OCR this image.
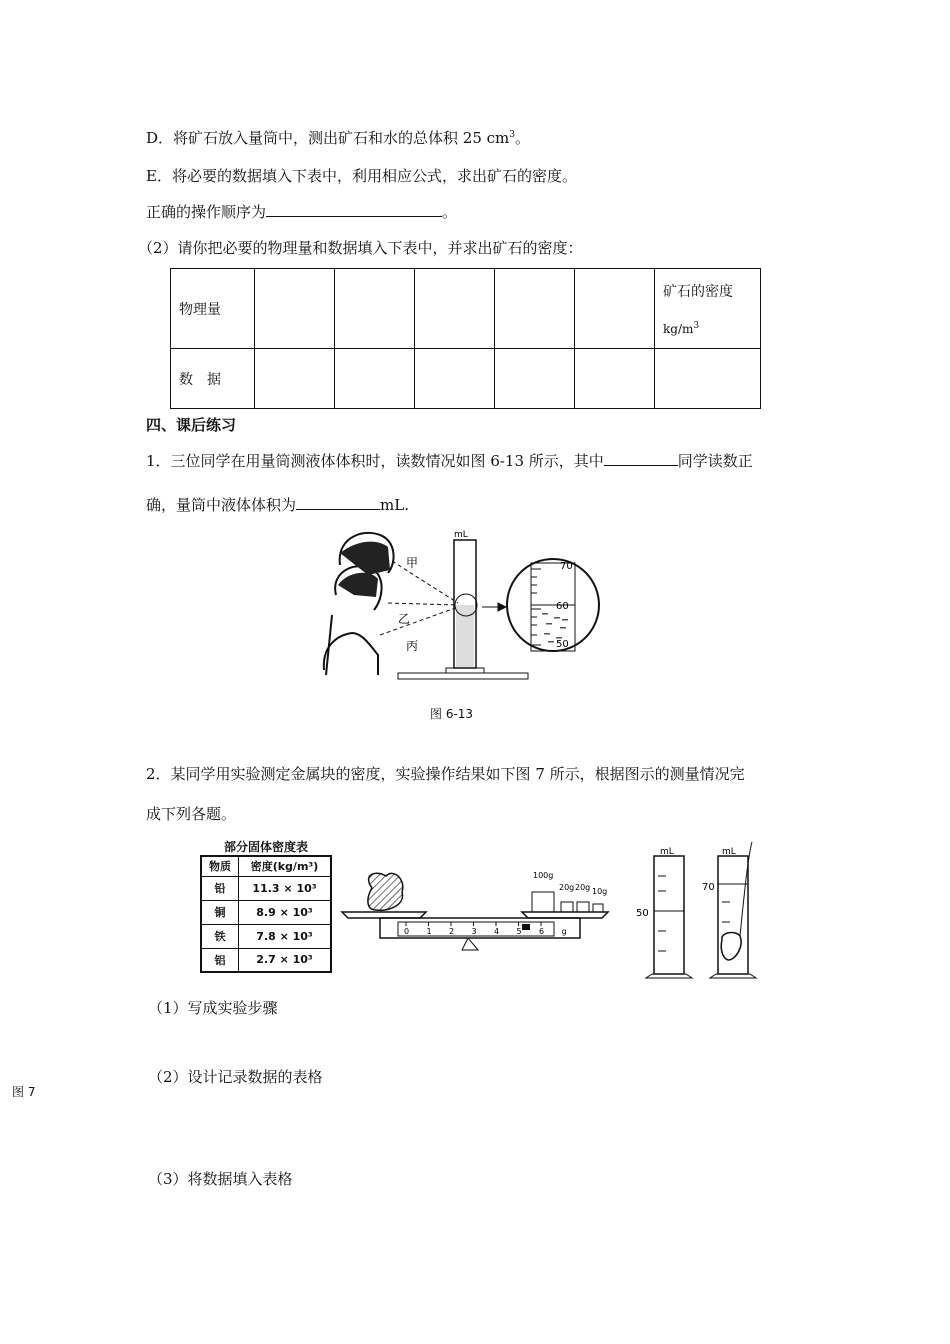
D．将矿石放入量筒中，测出矿石和水的总体积 25 $cm^3$。
E．将必要的数据填入下表中，利用相应公式，求出矿石的密度。
正确的操作顺序为	。
（2）请你把必要的物理量和数据填入下表中，并求出矿石的密度：
物理量						矿石的密度
$kg/m^3$

数　据						
四、课后练习
1．三位同学在用量筒测液体体积时，读数情况如图 6-13 所示，其中	同学读数正
确，量筒中液体体积为	mL.
甲
乙
丙
mL
70
60
50
图 6-13
2．某同学用实验测定金属块的密度，实验操作结果如下图 7 所示，根据图示的测量情况完
成下列各题。
部分固体密度表
物质	密度(kg/m³)
铅	11.3 × 10³
铜	8.9 × 10³
铁	7.8 × 10³
铝	2.7 × 10³
100g
20g 20g 10g
0 1 2 3 4 5 6 g
mL
50
mL
70
图 7
（1）写成实验步骤
（2）设计记录数据的表格
（3）将数据填入表格
